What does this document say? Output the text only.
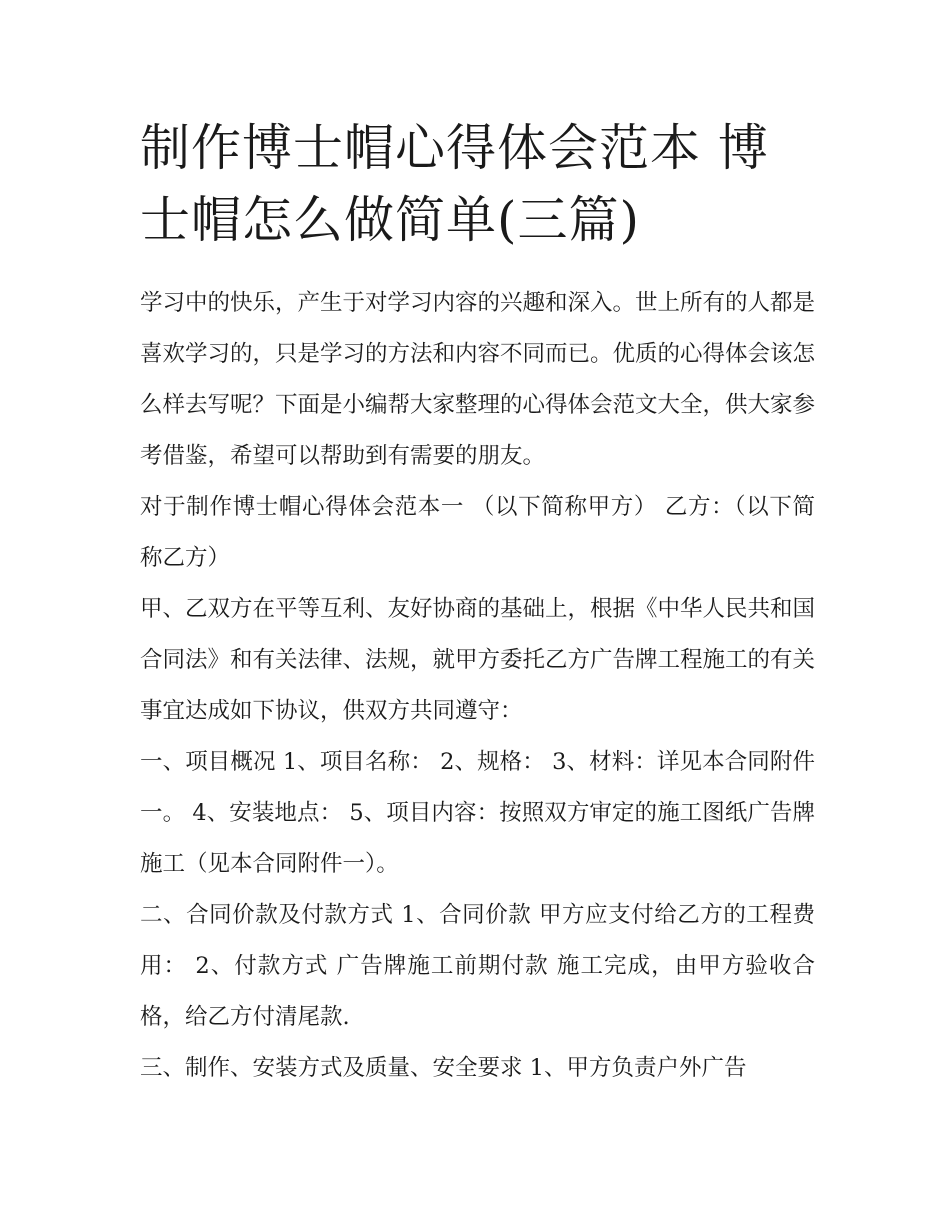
制作博士帽心得体会范本 博士帽怎么做简单(三篇)

学习中的快乐，产生于对学习内容的兴趣和深入。世上所有的人都是喜欢学习的，只是学习的方法和内容不同而已。优质的心得体会该怎么样去写呢？下面是小编帮大家整理的心得体会范文大全，供大家参考借鉴，希望可以帮助到有需要的朋友。

对于制作博士帽心得体会范本一 （以下简称甲方） 乙方：（以下简称乙方）

甲、乙双方在平等互利、友好协商的基础上，根据《中华人民共和国合同法》和有关法律、法规，就甲方委托乙方广告牌工程施工的有关事宜达成如下协议，供双方共同遵守：

一、项目概况 1、项目名称： 2、规格： 3、材料：详见本合同附件一。 4、安装地点： 5、项目内容：按照双方审定的施工图纸广告牌施工（见本合同附件一）。

二、合同价款及付款方式 1、合同价款 甲方应支付给乙方的工程费用： 2、付款方式 广告牌施工前期付款 施工完成，由甲方验收合格，给乙方付清尾款.

三、制作、安装方式及质量、安全要求 1、甲方负责户外广告
